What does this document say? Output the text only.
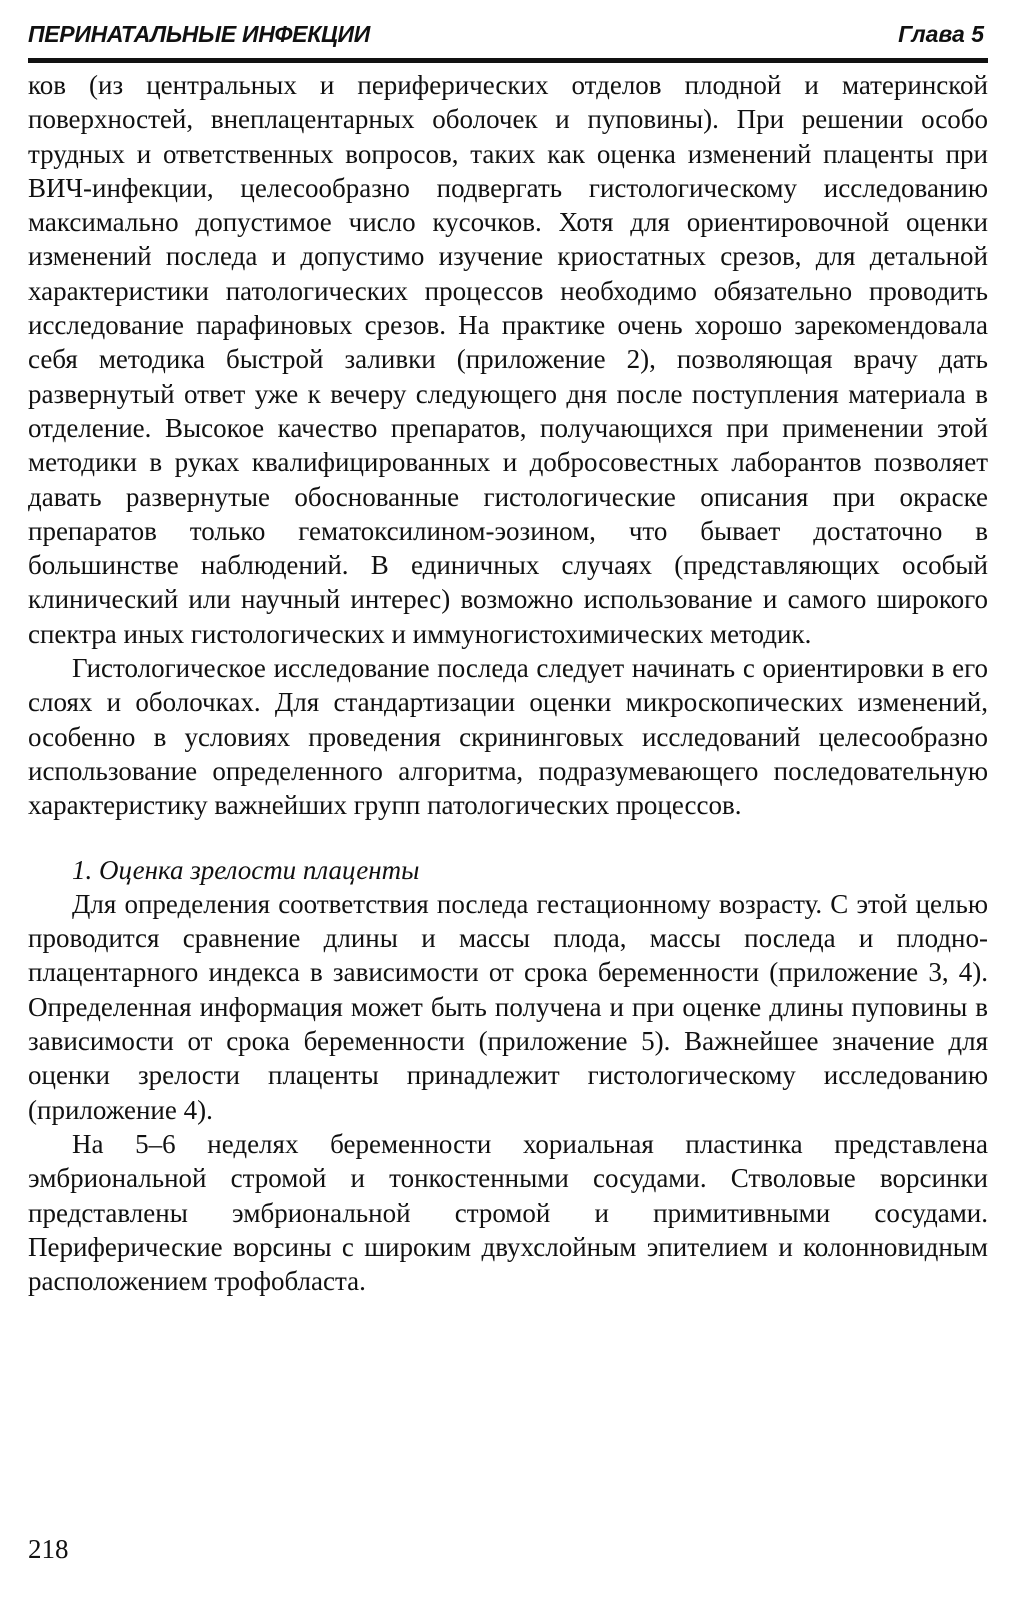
ПЕРИНАТАЛЬНЫЕ ИНФЕКЦИИ	Глава 5

ков (из центральных и периферических отделов плодной и материнской поверхностей, внеплацентарных оболочек и пуповины). При решении особо трудных и ответственных вопросов, таких как оценка изменений плаценты при ВИЧ-инфекции, целесообразно подвергать гистологическому исследованию максимально допустимое число кусочков. Хотя для ориентировочной оценки изменений последа и допустимо изучение криостатных срезов, для детальной характеристики патологических процессов необходимо обязательно проводить исследование парафиновых срезов. На практике очень хорошо зарекомендовала себя методика быстрой заливки (приложение 2), позволяющая врачу дать развернутый ответ уже к вечеру следующего дня после поступления материала в отделение. Высокое качество препаратов, получающихся при применении этой методики в руках квалифицированных и добросовестных лаборантов позволяет давать развернутые обоснованные гистологические описания при окраске препаратов только гематоксилином-эозином, что бывает достаточно в большинстве наблюдений. В единичных случаях (представляющих особый клинический или научный интерес) возможно использование и самого широкого спектра иных гистологических и иммуногистохимических методик.

Гистологическое исследование последа следует начинать с ориентировки в его слоях и оболочках. Для стандартизации оценки микроскопических изменений, особенно в условиях проведения скрининговых исследований целесообразно использование определенного алгоритма, подразумевающего последовательную характеристику важнейших групп патологических процессов.

1. Оценка зрелости плаценты

Для определения соответствия последа гестационному возрасту. С этой целью проводится сравнение длины и массы плода, массы последа и плодно-плацентарного индекса в зависимости от срока беременности (приложение 3, 4). Определенная информация может быть получена и при оценке длины пуповины в зависимости от срока беременности (приложение 5). Важнейшее значение для оценки зрелости плаценты принадлежит гистологическому исследованию (приложение 4).

На 5–6 неделях беременности хориальная пластинка представлена эмбриональной стромой и тонкостенными сосудами. Стволовые ворсинки представлены эмбриональной стромой и примитивными сосудами. Периферические ворсины с широким двухслойным эпителием и колонновидным расположением трофобласта.

218
